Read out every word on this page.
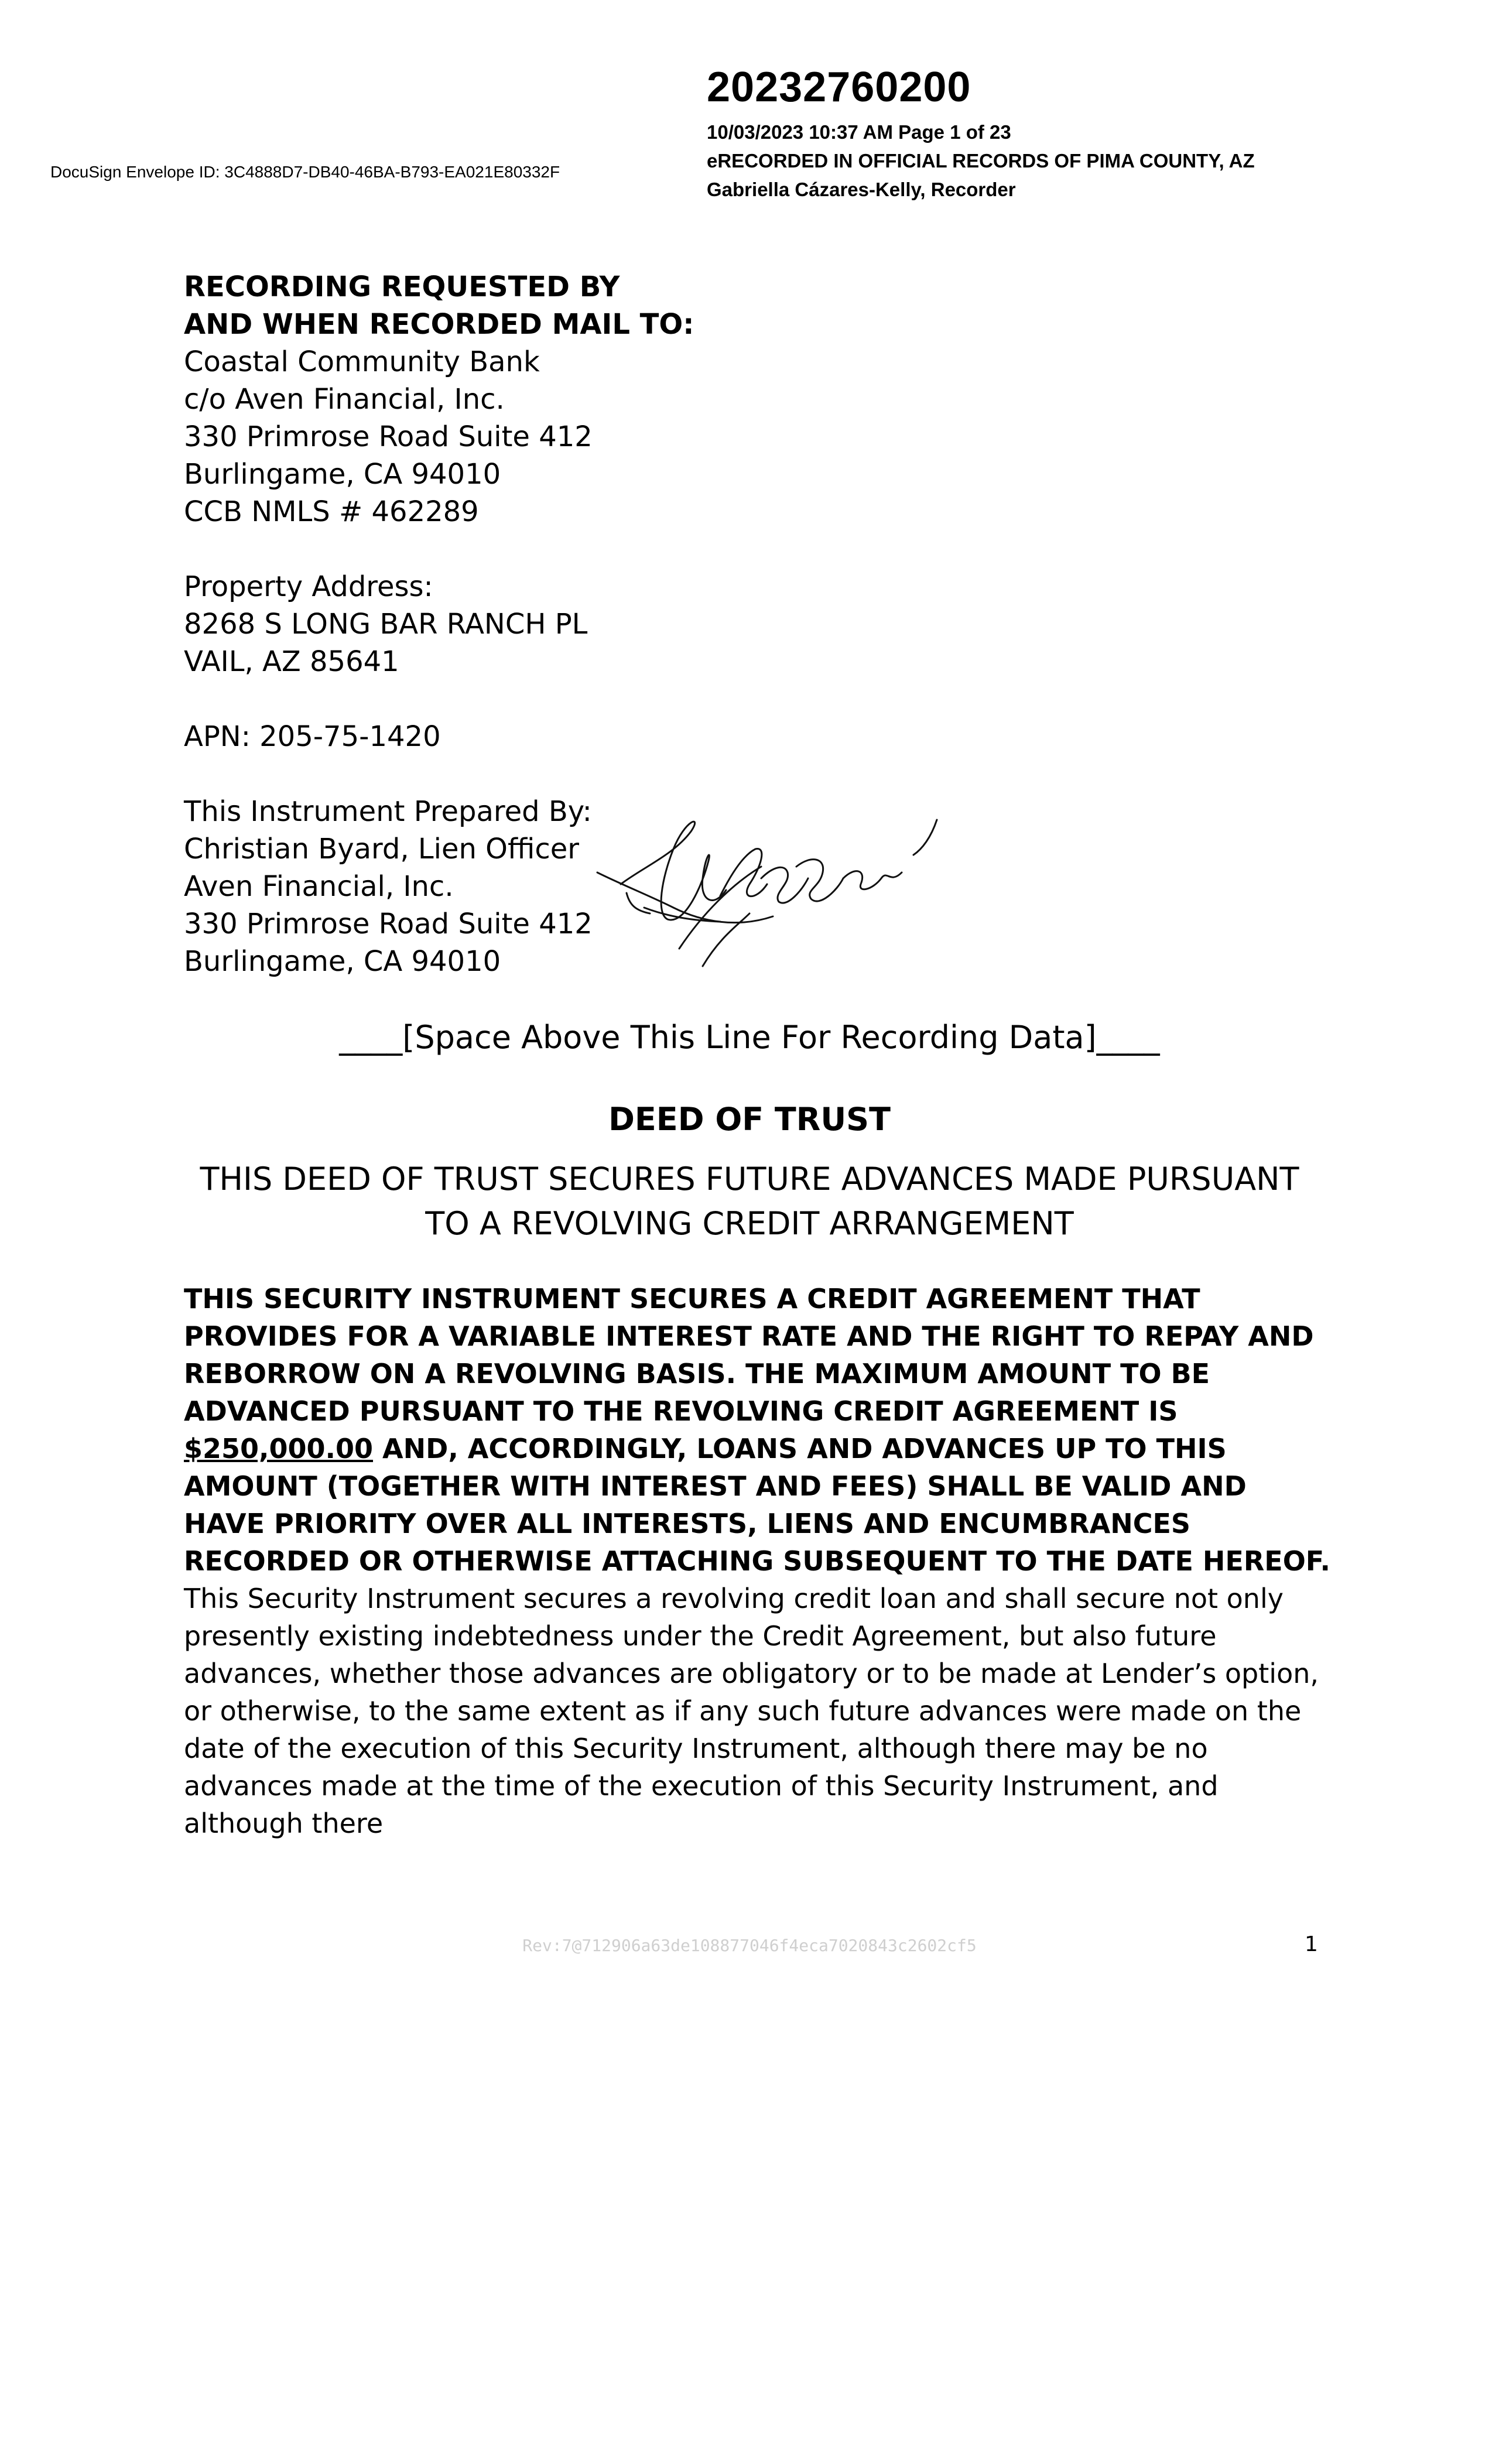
DocuSign Envelope ID: 3C4888D7-DB40-46BA-B793-EA021E80332F
20232760200
10/03/2023 10:37 AM Page 1 of 23
eRECORDED IN OFFICIAL RECORDS OF PIMA COUNTY, AZ
Gabriella Cázares-Kelly, Recorder
RECORDING REQUESTED BY
AND WHEN RECORDED MAIL TO:
Coastal Community Bank
c/o Aven Financial, Inc.
330 Primrose Road Suite 412
Burlingame, CA 94010
CCB NMLS # 462289
Property Address:
8268 S LONG BAR RANCH PL
VAIL, AZ 85641
APN: 205-75-1420
This Instrument Prepared By:
Christian Byard, Lien Officer
Aven Financial, Inc.
330 Primrose Road Suite 412
Burlingame, CA 94010
____[Space Above This Line For Recording Data]____
DEED OF TRUST
THIS DEED OF TRUST SECURES FUTURE ADVANCES MADE PURSUANT
TO A REVOLVING CREDIT ARRANGEMENT
THIS SECURITY INSTRUMENT SECURES A CREDIT AGREEMENT THAT PROVIDES FOR A VARIABLE INTEREST RATE AND THE RIGHT TO REPAY AND REBORROW ON A REVOLVING BASIS. THE MAXIMUM AMOUNT TO BE ADVANCED PURSUANT TO THE REVOLVING CREDIT AGREEMENT IS $250,000.00 AND, ACCORDINGLY, LOANS AND ADVANCES UP TO THIS AMOUNT (TOGETHER WITH INTEREST AND FEES) SHALL BE VALID AND HAVE PRIORITY OVER ALL INTERESTS, LIENS AND ENCUMBRANCES RECORDED OR OTHERWISE ATTACHING SUBSEQUENT TO THE DATE HEREOF. This Security Instrument secures a revolving credit loan and shall secure not only presently existing indebtedness under the Credit Agreement, but also future advances, whether those advances are obligatory or to be made at Lender’s option, or otherwise, to the same extent as if any such future advances were made on the date of the execution of this Security Instrument, although there may be no advances made at the time of the execution of this Security Instrument, and although there
Rev:7@712906a63de108877046f4eca7020843c2602cf5	1
